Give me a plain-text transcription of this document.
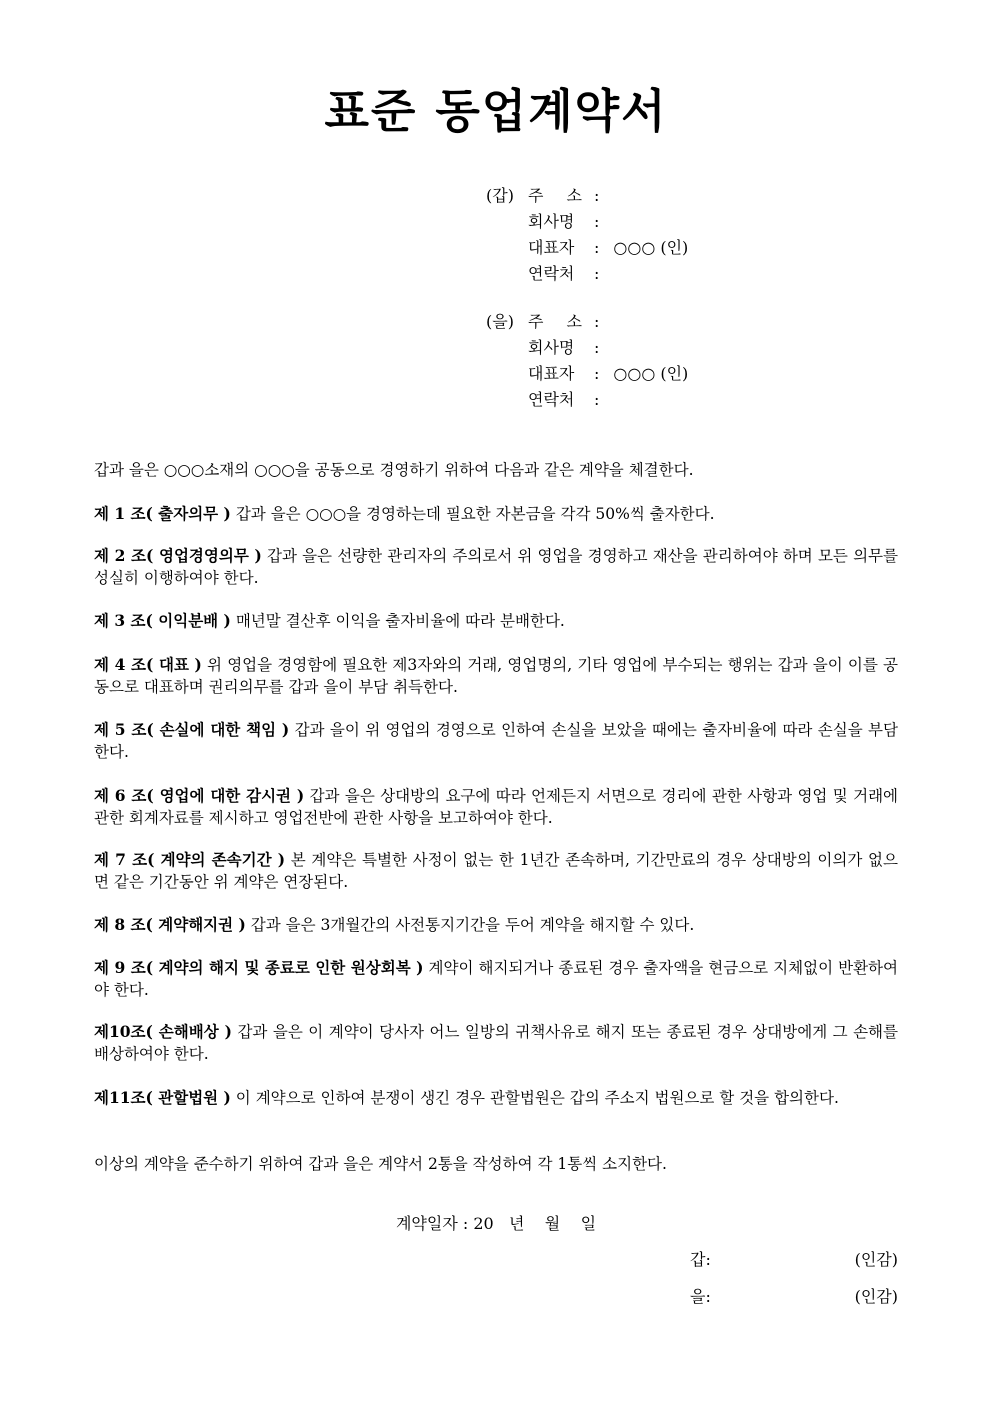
표준 동업계약서
(갑) 주 소 :
회사명	:
대표자	: ○○○ (인)
연락처	:
(을) 주 소 :
회사명	:
대표자	: ○○○ (인)
연락처	:
갑과 을은 ○○○소재의 ○○○을 공동으로 경영하기 위하여 다음과 같은 계약을 체결한다.
제 1 조( 출자의무 ) 갑과 을은 ○○○을 경영하는데 필요한 자본금을 각각 50%씩 출자한다.
제 2 조( 영업경영의무 ) 갑과 을은 선량한 관리자의 주의로서 위 영업을 경영하고 재산을 관리하여야 하며 모든 의무를 성실히 이행하여야 한다.
제 3 조( 이익분배 ) 매년말 결산후 이익을 출자비율에 따라 분배한다.
제 4 조( 대표 ) 위 영업을 경영함에 필요한 제3자와의 거래, 영업명의, 기타 영업에 부수되는 행위는 갑과 을이 이를 공동으로 대표하며 권리의무를 갑과 을이 부담 취득한다.
제 5 조( 손실에 대한 책임 ) 갑과 을이 위 영업의 경영으로 인하여 손실을 보았을 때에는 출자비율에 따라 손실을 부담한다.
제 6 조( 영업에 대한 감시권 ) 갑과 을은 상대방의 요구에 따라 언제든지 서면으로 경리에 관한 사항과 영업 및 거래에 관한 회계자료를 제시하고 영업전반에 관한 사항을 보고하여야 한다.
제 7 조( 계약의 존속기간 ) 본 계약은 특별한 사정이 없는 한 1년간 존속하며, 기간만료의 경우 상대방의 이의가 없으면 같은 기간동안 위 계약은 연장된다.
제 8 조( 계약해지권 ) 갑과 을은 3개월간의 사전통지기간을 두어 계약을 해지할 수 있다.
제 9 조( 계약의 해지 및 종료로 인한 원상회복 ) 계약이 해지되거나 종료된 경우 출자액을 현금으로 지체없이 반환하여야 한다.
제10조( 손해배상 ) 갑과 을은 이 계약이 당사자 어느 일방의 귀책사유로 해지 또는 종료된 경우 상대방에게 그 손해를 배상하여야 한다.
제11조( 관할법원 ) 이 계약으로 인하여 분쟁이 생긴 경우 관할법원은 갑의 주소지 법원으로 할 것을 합의한다.
이상의 계약을 준수하기 위하여 갑과 을은 계약서 2통을 작성하여 각 1통씩 소지한다.
계약일자 : 20   년    월    일
갑:	(인감)
을:	(인감)
